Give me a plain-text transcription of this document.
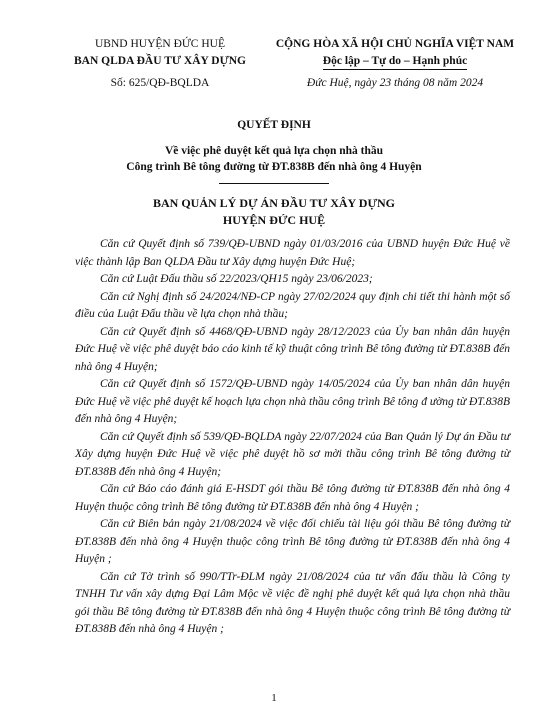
UBND HUYỆN ĐỨC HUỆ
BAN QLDA ĐẦU TƯ XÂY DỰNG
Số: 625/QĐ-BQLDA
CỘNG HÒA XÃ HỘI CHỦ NGHĨA VIỆT NAM
Độc lập – Tự do – Hạnh phúc
Đức Huệ, ngày 23 tháng 08 năm 2024
QUYẾT ĐỊNH
Về việc phê duyệt kết quả lựa chọn nhà thầu
Công trình Bê tông đường từ ĐT.838B đến nhà ông 4 Huyện
BAN QUẢN LÝ DỰ ÁN ĐẦU TƯ XÂY DỰNG
HUYỆN ĐỨC HUỆ

Căn cứ Quyết định số 739/QĐ-UBND ngày 01/03/2016 của UBND huyện Đức Huệ về việc thành lập Ban QLDA Đầu tư Xây dựng huyện Đức Huệ;

Căn cứ Luật Đấu thầu số 22/2023/QH15 ngày 23/06/2023;

Căn cứ Nghị định số 24/2024/NĐ-CP ngày 27/02/2024 quy định chi tiết thi hành một số điều của Luật Đấu thầu về lựa chọn nhà thầu;

Căn cứ Quyết định số 4468/QĐ-UBND ngày 28/12/2023 của Ủy ban nhân dân huyện Đức Huệ về việc phê duyệt báo cáo kinh tế kỹ thuật công trình Bê tông đường từ ĐT.838B đến nhà ông 4 Huyện;

Căn cứ Quyết định số 1572/QĐ-UBND ngày 14/05/2024 của Ủy ban nhân dân huyện Đức Huệ về việc phê duyệt kế hoạch lựa chọn nhà thầu công trình Bê tông đ ường từ ĐT.838B đến nhà ông 4 Huyện;

Căn cứ Quyết định số 539/QĐ-BQLDA ngày 22/07/2024 của Ban Quản lý Dự án Đầu tư Xây dựng huyện Đức Huệ về việc phê duyệt hồ sơ mời thầu công trình Bê tông đường từ ĐT.838B đến nhà ông 4 Huyện;

Căn cứ Báo cáo đánh giá E-HSDT gói thầu Bê tông đường từ ĐT.838B đến nhà ông 4 Huyện thuộc công trình Bê tông đường từ ĐT.838B đến nhà ông 4 Huyện ;

Căn cứ Biên bản ngày 21/08/2024 về việc đối chiếu tài liệu gói thầu Bê tông đường từ ĐT.838B đến nhà ông 4 Huyện thuộc công trình Bê tông đường từ ĐT.838B đến nhà ông 4 Huyện ;

Căn cứ Tờ trình số 990/TTr-ĐLM ngày 21/08/2024 của tư vấn đấu thầu là Công ty TNHH Tư vấn xây dựng Đại Lâm Mộc về việc đề nghị phê duyệt kết quả lựa chọn nhà thầu gói thầu Bê tông đường từ ĐT.838B đến nhà ông 4 Huyện thuộc công trình Bê tông đường từ ĐT.838B đến nhà ông 4 Huyện ;

1
